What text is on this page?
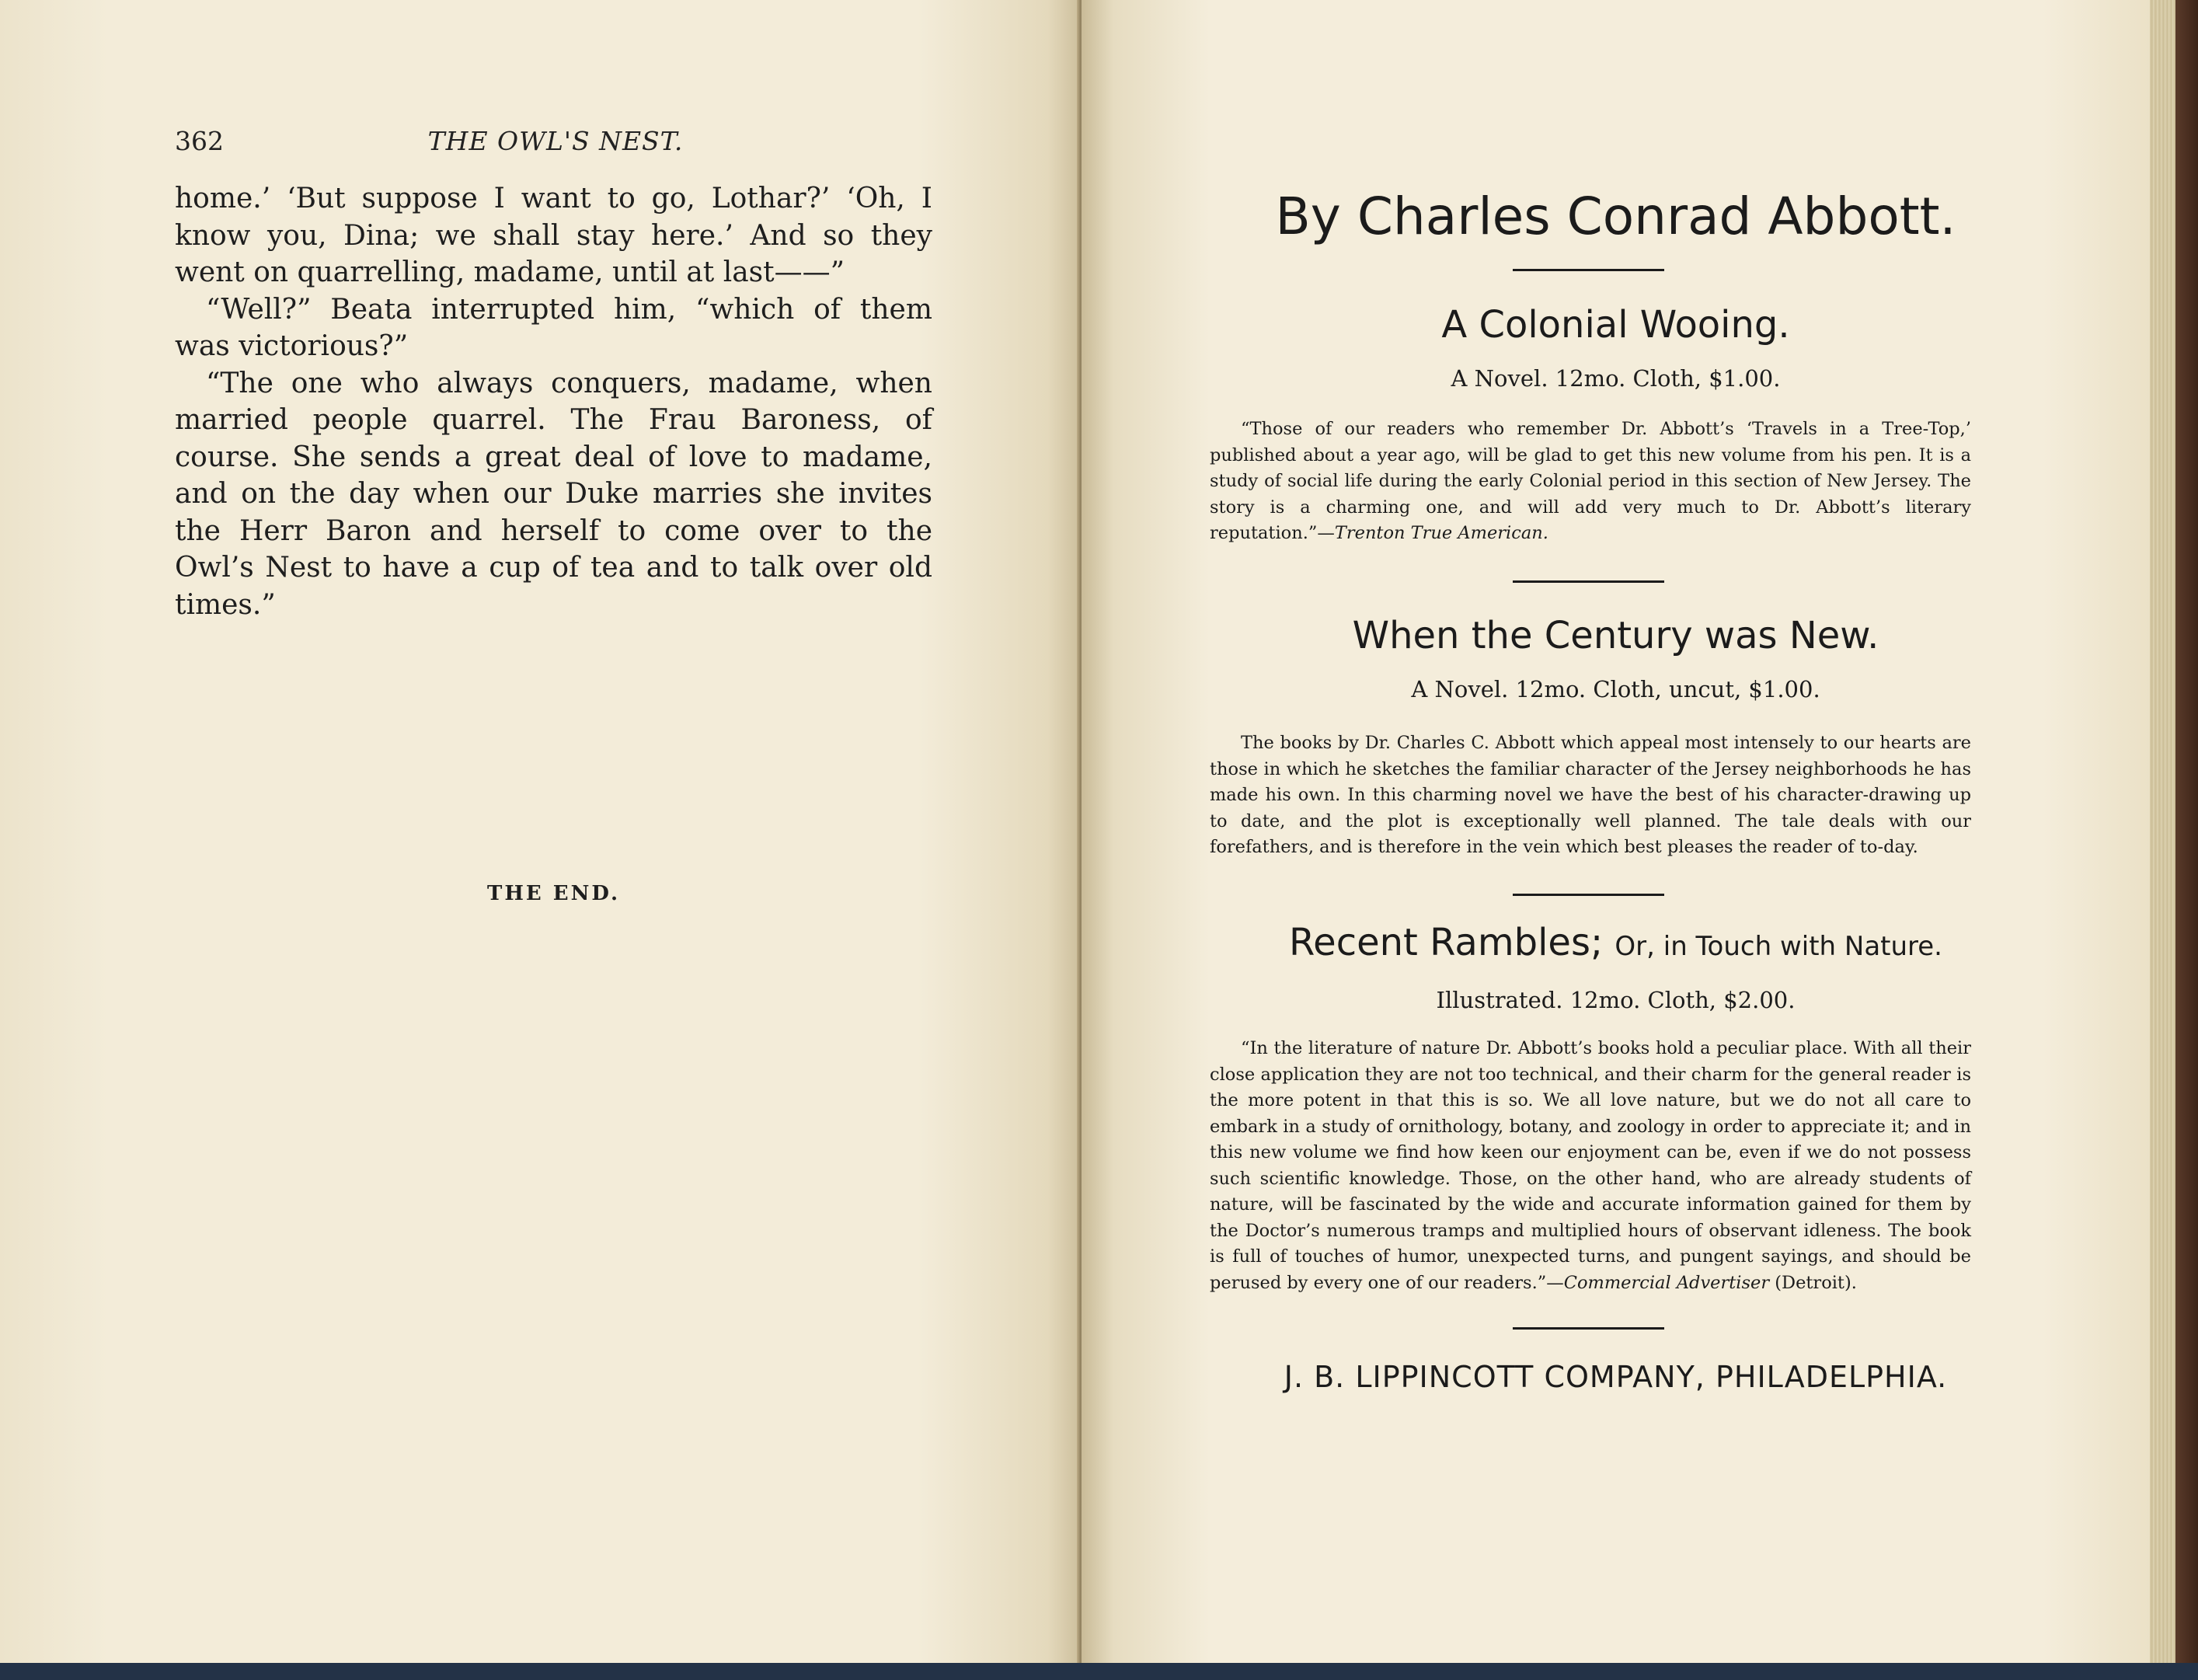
362	THE OWL'S NEST.

home.’ ‘But suppose I want to go, Lothar?’ ‘Oh, I know you, Dina; we shall stay here.’ And so they went on quarrelling, madame, until at last——”

“Well?” Beata interrupted him, “which of them was victorious?”

“The one who always conquers, madame, when married people quarrel. The Frau Baroness, of course. She sends a great deal of love to madame, and on the day when our Duke marries she invites the Herr Baron and herself to come over to the Owl’s Nest to have a cup of tea and to talk over old times.”

THE END.
By Charles Conrad Abbott.
A Colonial Wooing.
A Novel. 12mo. Cloth, $1.00.

“Those of our readers who remember Dr. Abbott’s ‘Travels in a Tree-Top,’ published about a year ago, will be glad to get this new volume from his pen. It is a study of social life during the early Colonial period in this section of New Jersey. The story is a charming one, and will add very much to Dr. Abbott’s literary reputation.”—Trenton True American.

When the Century was New.
A Novel. 12mo. Cloth, uncut, $1.00.

The books by Dr. Charles C. Abbott which appeal most intensely to our hearts are those in which he sketches the familiar character of the Jersey neighborhoods he has made his own. In this charming novel we have the best of his character-drawing up to date, and the plot is exceptionally well planned. The tale deals with our forefathers, and is therefore in the vein which best pleases the reader of to-day.

Recent Rambles; Or, in Touch with Nature.
Illustrated. 12mo. Cloth, $2.00.

“In the literature of nature Dr. Abbott’s books hold a peculiar place. With all their close application they are not too technical, and their charm for the general reader is the more potent in that this is so. We all love nature, but we do not all care to embark in a study of ornithology, botany, and zoology in order to appreciate it; and in this new volume we find how keen our enjoyment can be, even if we do not possess such scientific knowledge. Those, on the other hand, who are already students of nature, will be fascinated by the wide and accurate information gained for them by the Doctor’s numerous tramps and multiplied hours of observant idleness. The book is full of touches of humor, unexpected turns, and pungent sayings, and should be perused by every one of our readers.”—Commercial Advertiser (Detroit).

J. B. LIPPINCOTT COMPANY, PHILADELPHIA.
